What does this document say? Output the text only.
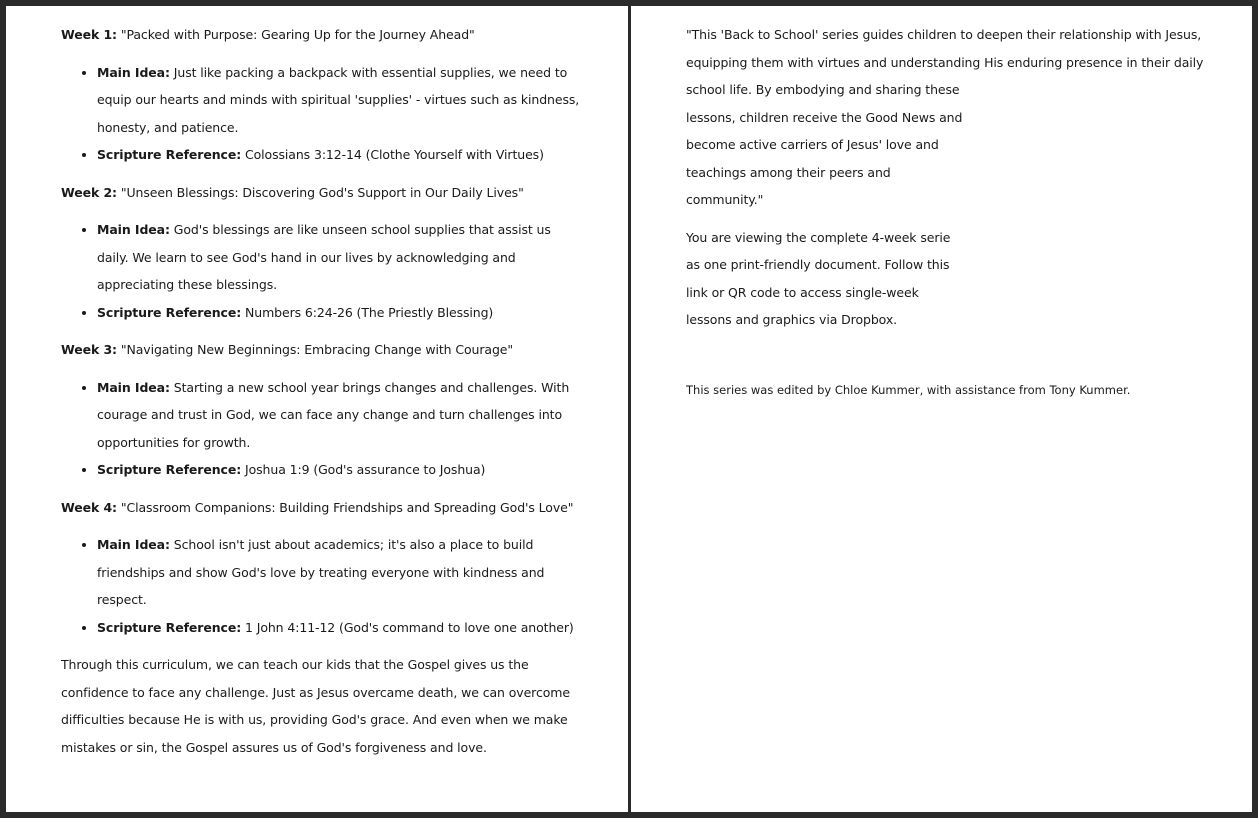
Week 1: "Packed with Purpose: Gearing Up for the Journey Ahead"

• Main Idea: Just like packing a backpack with essential supplies, we need to equip our hearts and minds with spiritual 'supplies' - virtues such as kindness, honesty, and patience.
• Scripture Reference: Colossians 3:12-14 (Clothe Yourself with Virtues)

Week 2: "Unseen Blessings: Discovering God's Support in Our Daily Lives"

• Main Idea: God's blessings are like unseen school supplies that assist us daily. We learn to see God's hand in our lives by acknowledging and appreciating these blessings.
• Scripture Reference: Numbers 6:24-26 (The Priestly Blessing)

Week 3: "Navigating New Beginnings: Embracing Change with Courage"

• Main Idea: Starting a new school year brings changes and challenges. With courage and trust in God, we can face any change and turn challenges into opportunities for growth.
• Scripture Reference: Joshua 1:9 (God's assurance to Joshua)

Week 4: "Classroom Companions: Building Friendships and Spreading God's Love"

• Main Idea: School isn't just about academics; it's also a place to build friendships and show God's love by treating everyone with kindness and respect.
• Scripture Reference: 1 John 4:11-12 (God's command to love one another)

Through this curriculum, we can teach our kids that the Gospel gives us the confidence to face any challenge. Just as Jesus overcame death, we can overcome difficulties because He is with us, providing God's grace. And even when we make mistakes or sin, the Gospel assures us of God's forgiveness and love.

"This 'Back to School' series guides children to deepen their relationship with Jesus,
equipping them with virtues and understanding His enduring presence in their daily
school life. By embodying and sharing these
lessons, children receive the Good News and
become active carriers of Jesus' love and
teachings among their peers and
community."

You are viewing the complete 4-week serie
as one print-friendly document. Follow this
link or QR code to access single-week
lessons and graphics via Dropbox.

This series was edited by Chloe Kummer, with assistance from Tony Kummer.
